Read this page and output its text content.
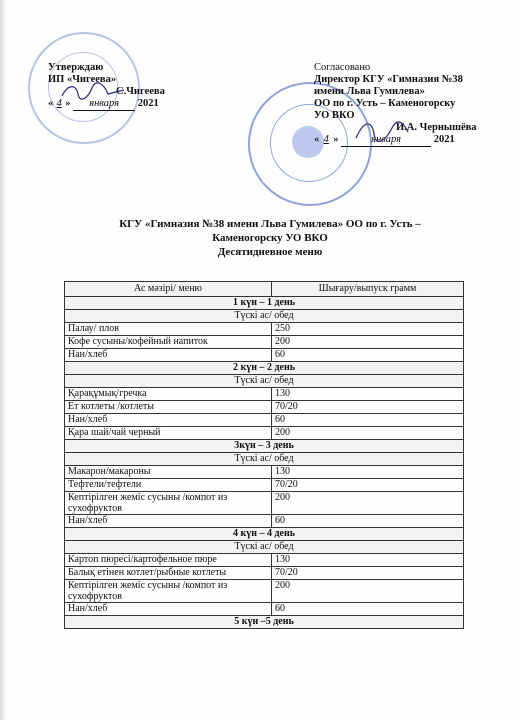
Утверждаю
ИП «Чигеева»
С.Чигеева
« 4 » января 2021
Согласовано
Директор КГУ «Гимназия №38
имени Льва Гумилева»
ОО по г. Усть – Каменогорску
УО ВКО
И.А. Чернышёва
« 4 »	января	2021
КГУ «Гимназия №38 имени Льва Гумилева» ОО по г. Усть –
Каменогорску УО ВКО
Десятидневное меню
Ас мәзірі/ меню	Шығару/выпуск грамм
1 күн – 1 день	
Түскі ас/ обед	
Палау/ плов	250
Кофе сусыны/кофейный напиток	200
Нан/хлеб	60
2 күн – 2 день	
Түскі ас/ обед	
Қарақұмық/гречка	130
Ет котлеты /котлеты	70/20
Нан/хлеб	60
Қара шай/чай черный	200
3күн – 3 день	
Түскі ас/ обед	
Макарон/макароны	130
Тефтели/тефтели	70/20
Кептірілген жеміс сусыны /компот из сухофруктов	200
Нан/хлеб	60
4 күн – 4 день	
Түскі ас/ обед	
Картоп пюресі/картофельное пюре	130
Балық етінен котлет/рыбные котлеты	70/20
Кептірілген жеміс сусыны /компот из сухофруктов	200
Нан/хлеб	60
5 күн –5 день	
